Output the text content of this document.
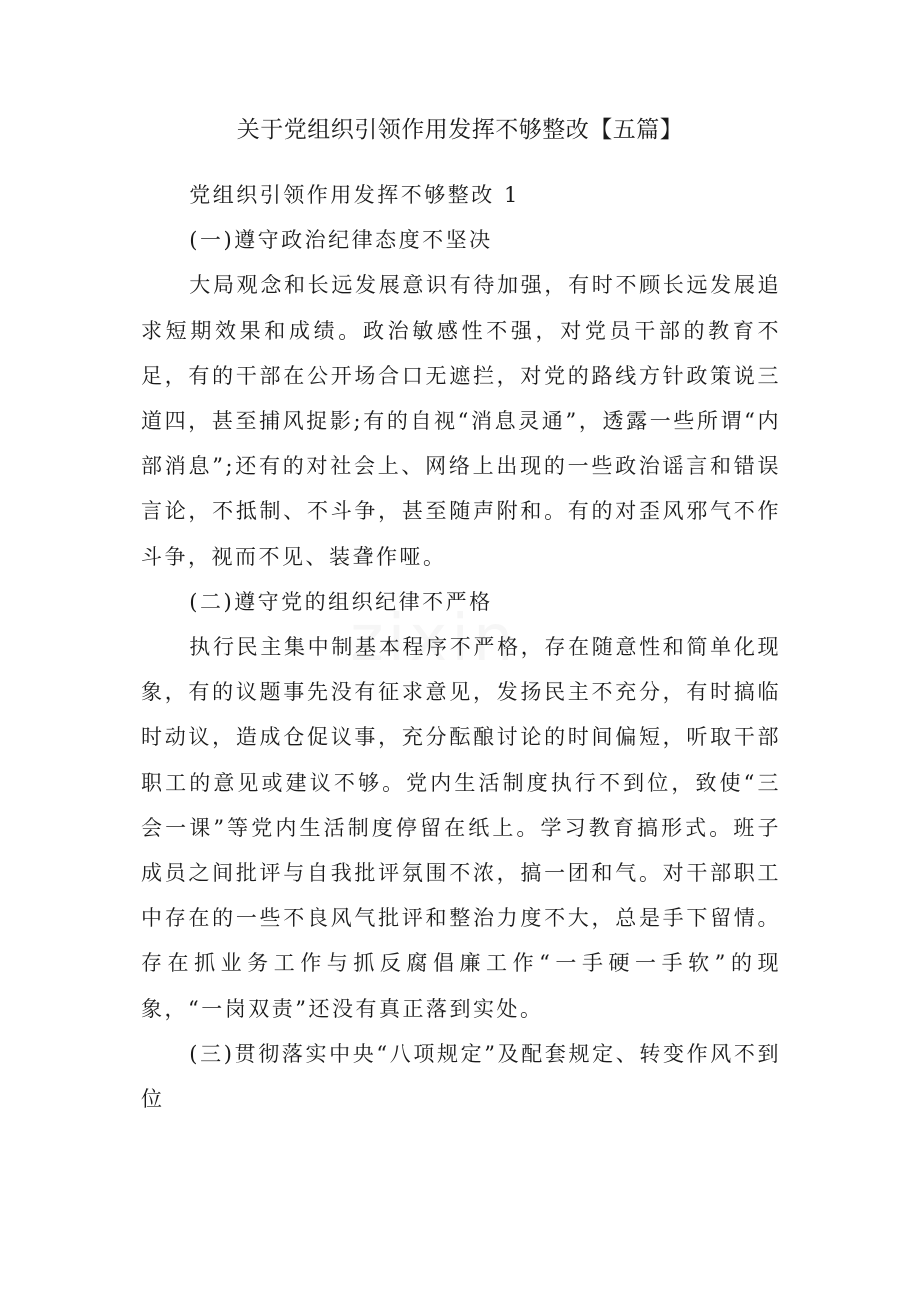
关于党组织引领作用发挥不够整改【五篇】

党组织引领作用发挥不够整改 1

(一)遵守政治纪律态度不坚决

大局观念和长远发展意识有待加强，有时不顾长远发展追求短期效果和成绩。政治敏感性不强，对党员干部的教育不足，有的干部在公开场合口无遮拦，对党的路线方针政策说三道四，甚至捕风捉影;有的自视“消息灵通”，透露一些所谓“内部消息”;还有的对社会上、网络上出现的一些政治谣言和错误言论，不抵制、不斗争，甚至随声附和。有的对歪风邪气不作斗争，视而不见、装聋作哑。

(二)遵守党的组织纪律不严格

执行民主集中制基本程序不严格，存在随意性和简单化现象，有的议题事先没有征求意见，发扬民主不充分，有时搞临时动议，造成仓促议事，充分酝酿讨论的时间偏短，听取干部职工的意见或建议不够。党内生活制度执行不到位，致使“三会一课”等党内生活制度停留在纸上。学习教育搞形式。班子成员之间批评与自我批评氛围不浓，搞一团和气。对干部职工中存在的一些不良风气批评和整治力度不大，总是手下留情。存在抓业务工作与抓反腐倡廉工作“一手硬一手软”的现象，“一岗双责”还没有真正落到实处。

(三)贯彻落实中央“八项规定”及配套规定、转变作风不到位
